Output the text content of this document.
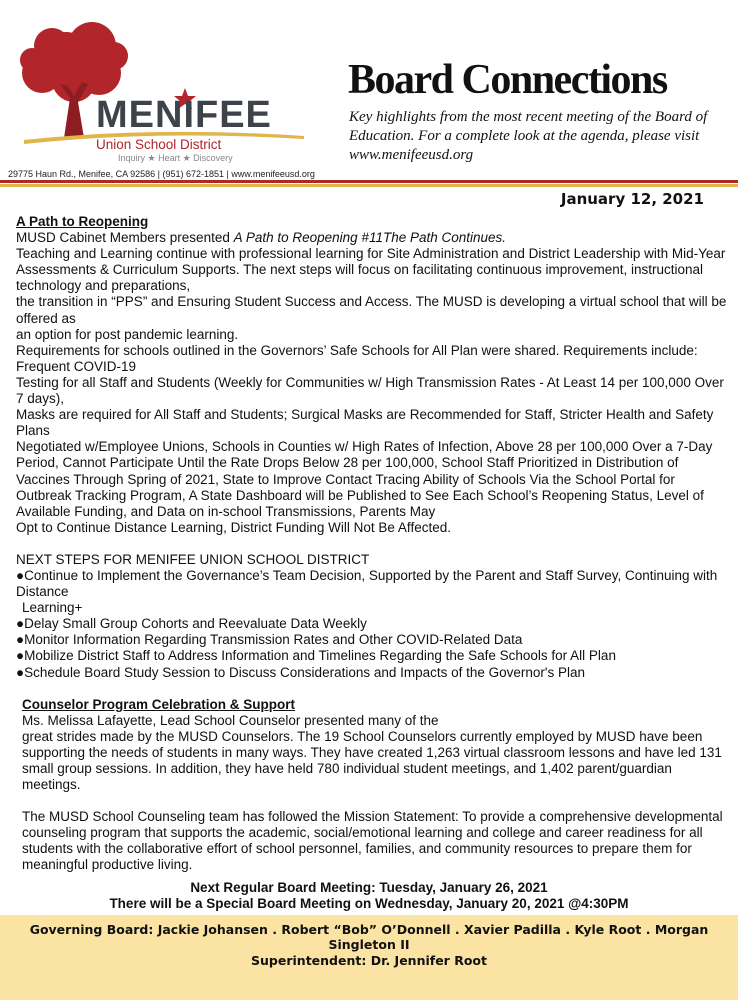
MENIFEE
Union School District
Inquiry ★ Heart ★ Discovery
29775 Haun Rd., Menifee, CA 92586 | (951) 672-1851 | www.menifeeusd.org
Board Connections
Key highlights from the most recent meeting of the Board of Education. For a complete look at the agenda, please visit www.menifeeusd.org
January 12, 2021

A Path to Reopening

MUSD Cabinet Members presented A Path to Reopening #11The Path Continues.

Teaching and Learning continue with professional learning for Site Administration and District Leadership with Mid-Year Assessments & Curriculum Supports. The next steps will focus on facilitating continuous improvement, instructional technology and preparations,

the transition in “PPS” and Ensuring Student Success and Access. The MUSD is developing a virtual school that will be offered as

an option for post pandemic learning.

Requirements for schools outlined in the Governors’ Safe Schools for All Plan were shared. Requirements include:

Frequent COVID-19

Testing for all Staff and Students (Weekly for Communities w/ High Transmission Rates - At Least 14 per 100,000 Over 7 days),

Masks are required for All Staff and Students; Surgical Masks are Recommended for Staff, Stricter Health and Safety Plans

Negotiated w/Employee Unions, Schools in Counties w/ High Rates of Infection, Above 28 per 100,000 Over a 7-Day Period, Cannot Participate Until the Rate Drops Below 28 per 100,000, School Staff Prioritized in Distribution of Vaccines Through Spring of 2021, State to Improve Contact Tracing Ability of Schools Via the School Portal for Outbreak Tracking Program, A State Dashboard will be Published to See Each School’s Reopening Status, Level of Available Funding, and Data on in-school Transmissions, Parents May

Opt to Continue Distance Learning, District Funding Will Not Be Affected.

NEXT STEPS FOR MENIFEE UNION SCHOOL DISTRICT

●Continue to Implement the Governance’s Team Decision, Supported by the Parent and Staff Survey, Continuing with Distance

Learning+

●Delay Small Group Cohorts and Reevaluate Data Weekly

●Monitor Information Regarding Transmission Rates and Other COVID-Related Data

●Mobilize District Staff to Address Information and Timelines Regarding the Safe Schools for All Plan

●Schedule Board Study Session to Discuss Considerations and Impacts of the Governor's Plan

Counselor Program Celebration & Support

Ms. Melissa Lafayette, Lead School Counselor presented many of the

great strides made by the MUSD Counselors. The 19 School Counselors currently employed by MUSD have been supporting the needs of students in many ways. They have created 1,263 virtual classroom lessons and have led 131 small group sessions. In addition, they have held 780 individual student meetings, and 1,402 parent/guardian meetings.

The MUSD School Counseling team has followed the Mission Statement: To provide a comprehensive developmental counseling program that supports the academic, social/emotional learning and college and career readiness for all students with the collaborative effort of school personnel, families, and community resources to prepare them for meaningful productive living.

Next Regular Board Meeting: Tuesday, January 26, 2021
There will be a Special Board Meeting on Wednesday, January 20, 2021 @4:30PM
Governing Board: Jackie Johansen . Robert “Bob” O’Donnell . Xavier Padilla . Kyle Root . Morgan Singleton II
Superintendent: Dr. Jennifer Root
